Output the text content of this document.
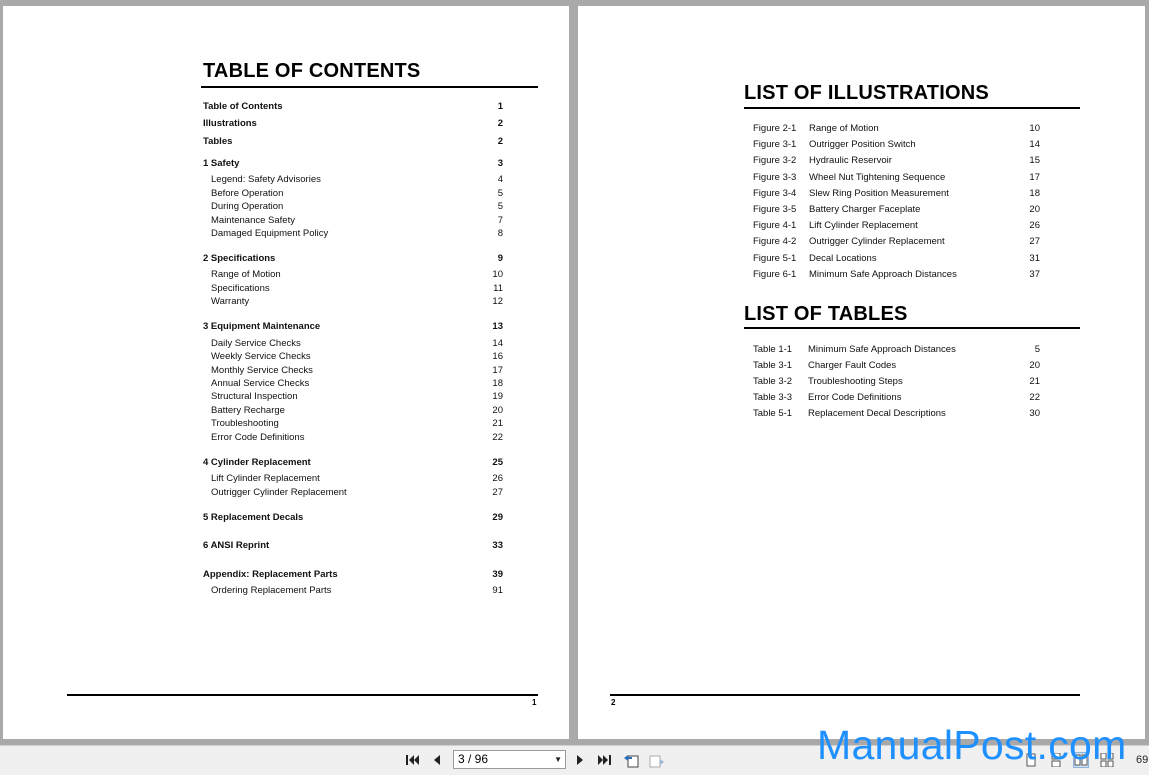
TABLE OF CONTENTS
Table of Contents	1
Illustrations	2
Tables	2
1 Safety	3
Legend: Safety Advisories	4
Before Operation	5
During Operation	5
Maintenance Safety	7
Damaged Equipment Policy	8
2 Specifications	9
Range of Motion	10
Specifications	11
Warranty	12
3 Equipment Maintenance	13
Daily Service Checks	14
Weekly Service Checks	16
Monthly Service Checks	17
Annual Service Checks	18
Structural Inspection	19
Battery Recharge	20
Troubleshooting	21
Error Code Definitions	22
4 Cylinder Replacement	25
Lift Cylinder Replacement	26
Outrigger Cylinder Replacement	27
5 Replacement Decals	29
6 ANSI Reprint	33
Appendix: Replacement Parts	39
Ordering Replacement Parts	91
1
LIST OF ILLUSTRATIONS
Figure 2-1 Range of Motion	10
Figure 3-1 Outrigger Position Switch	14
Figure 3-2 Hydraulic Reservoir	15
Figure 3-3 Wheel Nut Tightening Sequence	17
Figure 3-4 Slew Ring Position Measurement	18
Figure 3-5 Battery Charger Faceplate	20
Figure 4-1 Lift Cylinder Replacement	26
Figure 4-2 Outrigger Cylinder Replacement	27
Figure 5-1 Decal Locations	31
Figure 6-1 Minimum Safe Approach Distances	37
LIST OF TABLES
Table 1-1 Minimum Safe Approach Distances	5
Table 3-1 Charger Fault Codes	20
Table 3-2 Troubleshooting Steps	21
Table 3-3 Error Code Definitions	22
Table 5-1 Replacement Decal Descriptions	30
2
3 / 96	▼	69
ManualPost.com
